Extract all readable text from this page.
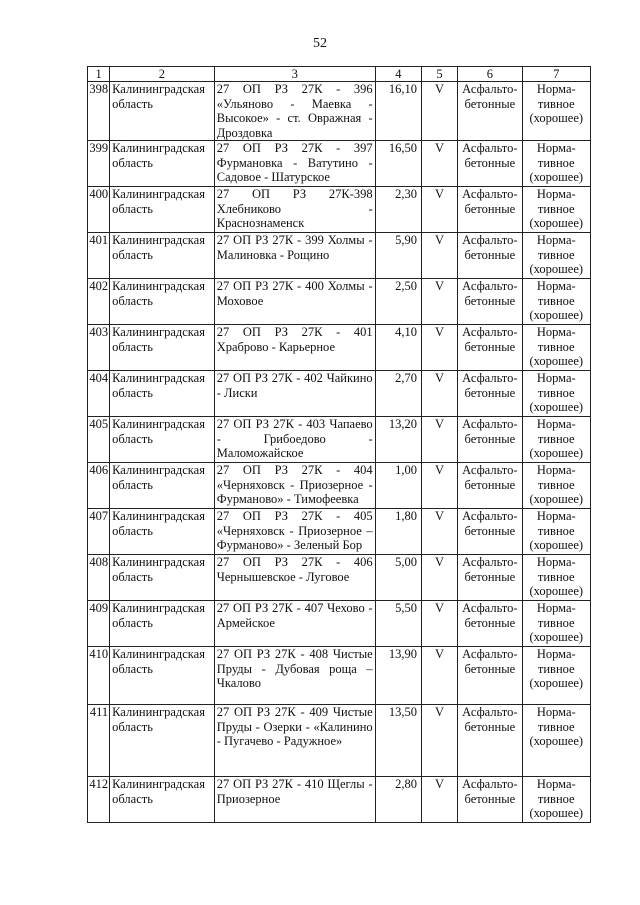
52
1	2	3	4	5	6	7
398	Калининградская область	27 ОП РЗ 27К - 396 «Ульяново - Маевка - Высокое» - ст. Овражная - Дроздовка	16,10	V	Асфальто-бетонные	Норма-тивное (хорошее)
399	Калининградская область	27 ОП РЗ 27К - 397 Фурмановка - Ватутино - Садовое - Шатурское	16,50	V	Асфальто-бетонные	Норма-тивное (хорошее)
400	Калининградская область	27 ОП РЗ 27К-398 Хлебниково - Краснознаменск	2,30	V	Асфальто-бетонные	Норма-тивное (хорошее)
401	Калининградская область	27 ОП РЗ 27К - 399 Холмы - Малиновка - Рощино	5,90	V	Асфальто-бетонные	Норма-тивное (хорошее)
402	Калининградская область	27 ОП РЗ 27К - 400 Холмы - Моховое	2,50	V	Асфальто-бетонные	Норма-тивное (хорошее)
403	Калининградская область	27 ОП РЗ 27К - 401 Храброво - Карьерное	4,10	V	Асфальто-бетонные	Норма-тивное (хорошее)
404	Калининградская область	27 ОП РЗ 27К - 402 Чайкино - Лиски	2,70	V	Асфальто-бетонные	Норма-тивное (хорошее)
405	Калининградская область	27 ОП РЗ 27К - 403 Чапаево - Грибоедово - Маломожайское	13,20	V	Асфальто-бетонные	Норма-тивное (хорошее)
406	Калининградская область	27 ОП РЗ 27К - 404 «Черняховск - Приозерное - Фурманово» - Тимофеевка	1,00	V	Асфальто-бетонные	Норма-тивное (хорошее)
407	Калининградская область	27 ОП РЗ 27К - 405 «Черняховск - Приозерное – Фурманово» - Зеленый Бор	1,80	V	Асфальто-бетонные	Норма-тивное (хорошее)
408	Калининградская область	27 ОП РЗ 27К - 406 Чернышевское - Луговое	5,00	V	Асфальто-бетонные	Норма-тивное (хорошее)
409	Калининградская область	27 ОП РЗ 27К - 407 Чехово - Армейское	5,50	V	Асфальто-бетонные	Норма-тивное (хорошее)
410	Калининградская область	27 ОП РЗ 27К - 408 Чистые Пруды - Дубовая роща – Чкалово	13,90	V	Асфальто-бетонные	Норма-тивное (хорошее)
411	Калининградская область	27 ОП РЗ 27К - 409 Чистые Пруды - Озерки - «Калинино - Пугачево - Радужное»	13,50	V	Асфальто-бетонные	Норма-тивное (хорошее)
412	Калининградская область	27 ОП РЗ 27К - 410 Щеглы - Приозерное	2,80	V	Асфальто-бетонные	Норма-тивное (хорошее)
